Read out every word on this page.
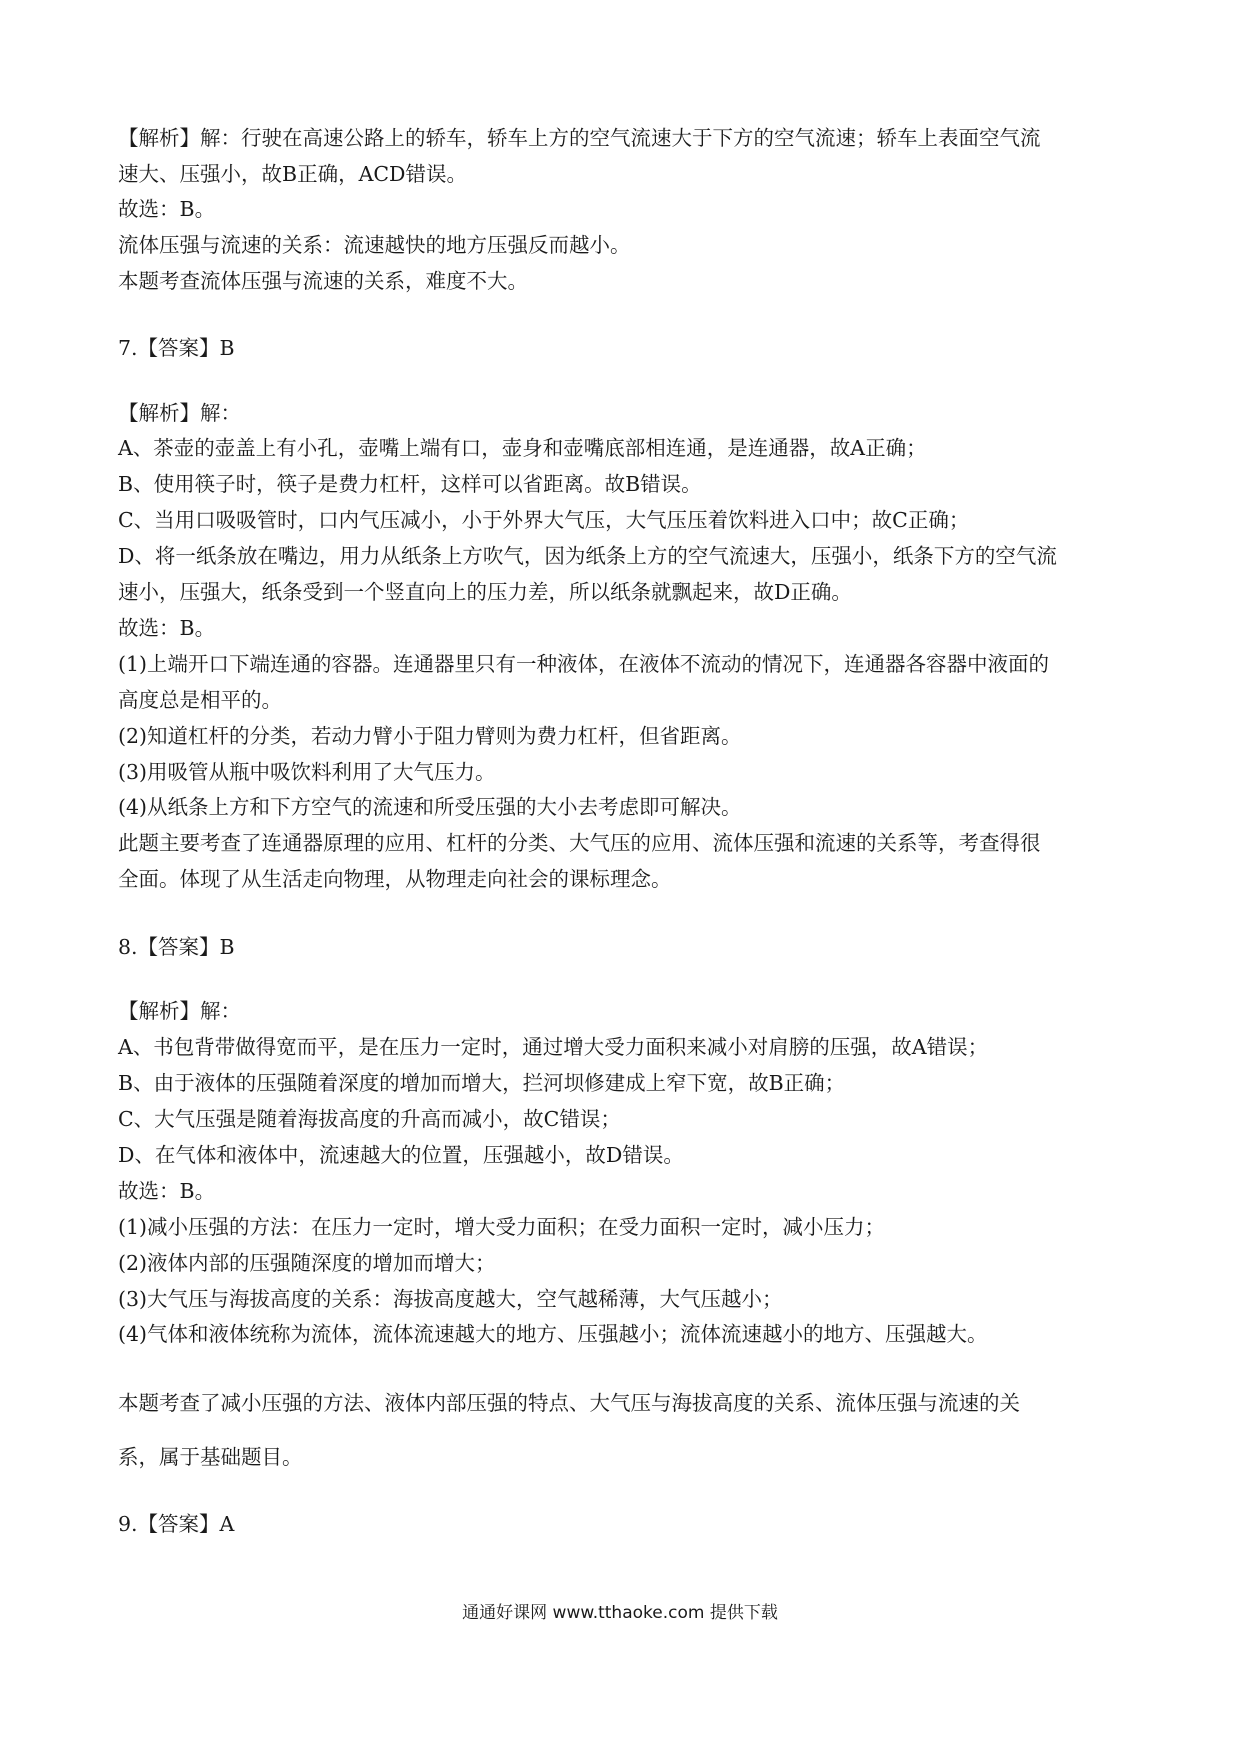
【解析】解：行驶在高速公路上的轿车，轿车上方的空气流速大于下方的空气流速；轿车上表面空气流
速大、压强小，故B正确，ACD错误。
故选：B。
流体压强与流速的关系：流速越快的地方压强反而越小。
本题考查流体压强与流速的关系，难度不大。
7.【答案】B
【解析】解：
A、茶壶的壶盖上有小孔，壶嘴上端有口，壶身和壶嘴底部相连通，是连通器，故A正确；
B、使用筷子时，筷子是费力杠杆，这样可以省距离。故B错误。
C、当用口吸吸管时，口内气压减小，小于外界大气压，大气压压着饮料进入口中；故C正确；
D、将一纸条放在嘴边，用力从纸条上方吹气，因为纸条上方的空气流速大，压强小，纸条下方的空气流
速小，压强大，纸条受到一个竖直向上的压力差，所以纸条就飘起来，故D正确。
故选：B。
(1)上端开口下端连通的容器。连通器里只有一种液体，在液体不流动的情况下，连通器各容器中液面的
高度总是相平的。
(2)知道杠杆的分类，若动力臂小于阻力臂则为费力杠杆，但省距离。
(3)用吸管从瓶中吸饮料利用了大气压力。
(4)从纸条上方和下方空气的流速和所受压强的大小去考虑即可解决。
此题主要考查了连通器原理的应用、杠杆的分类、大气压的应用、流体压强和流速的关系等，考查得很
全面。体现了从生活走向物理，从物理走向社会的课标理念。
8.【答案】B
【解析】解：
A、书包背带做得宽而平，是在压力一定时，通过增大受力面积来减小对肩膀的压强，故A错误；
B、由于液体的压强随着深度的增加而增大，拦河坝修建成上窄下宽，故B正确；
C、大气压强是随着海拔高度的升高而减小，故C错误；
D、在气体和液体中，流速越大的位置，压强越小，故D错误。
故选：B。
(1)减小压强的方法：在压力一定时，增大受力面积；在受力面积一定时，减小压力；
(2)液体内部的压强随深度的增加而增大；
(3)大气压与海拔高度的关系：海拔高度越大，空气越稀薄，大气压越小；
(4)气体和液体统称为流体，流体流速越大的地方、压强越小；流体流速越小的地方、压强越大。
本题考查了减小压强的方法、液体内部压强的特点、大气压与海拔高度的关系、流体压强与流速的关
系，属于基础题目。
9.【答案】A
通通好课网 www.tthaoke.com 提供下载
